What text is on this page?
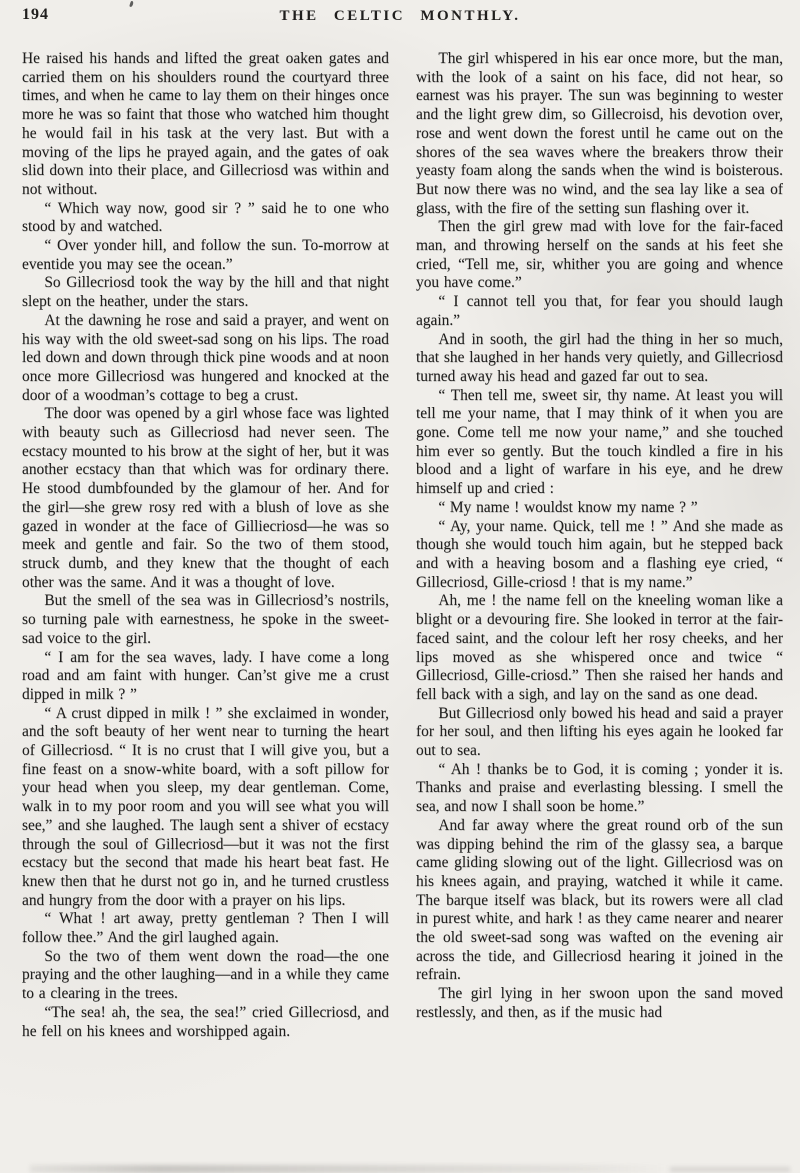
194	THE CELTIC MONTHLY.

He raised his hands and lifted the great oaken gates and carried them on his shoulders round the courtyard three times, and when he came to lay them on their hinges once more he was so faint that those who watched him thought he would fail in his task at the very last. But with a moving of the lips he prayed again, and the gates of oak slid down into their place, and Gillecriosd was within and not without.

“ Which way now, good sir ? ” said he to one who stood by and watched.

“ Over yonder hill, and follow the sun. To-morrow at eventide you may see the ocean.”

So Gillecriosd took the way by the hill and that night slept on the heather, under the stars.

At the dawning he rose and said a prayer, and went on his way with the old sweet-sad song on his lips. The road led down and down through thick pine woods and at noon once more Gillecriosd was hungered and knocked at the door of a woodman’s cottage to beg a crust.

The door was opened by a girl whose face was lighted with beauty such as Gillecriosd had never seen. The ecstacy mounted to his brow at the sight of her, but it was another ecstacy than that which was for ordinary there. He stood dumbfounded by the glamour of her. And for the girl—she grew rosy red with a blush of love as she gazed in wonder at the face of Gilliecriosd—he was so meek and gentle and fair. So the two of them stood, struck dumb, and they knew that the thought of each other was the same. And it was a thought of love.

But the smell of the sea was in Gillecriosd’s nostrils, so turning pale with earnestness, he spoke in the sweet-sad voice to the girl.

“ I am for the sea waves, lady. I have come a long road and am faint with hunger. Can’st give me a crust dipped in milk ? ”

“ A crust dipped in milk ! ” she exclaimed in wonder, and the soft beauty of her went near to turning the heart of Gillecriosd. “ It is no crust that I will give you, but a fine feast on a snow-white board, with a soft pillow for your head when you sleep, my dear gentleman. Come, walk in to my poor room and you will see what you will see,” and she laughed. The laugh sent a shiver of ecstacy through the soul of Gillecriosd—but it was not the first ecstacy but the second that made his heart beat fast. He knew then that he durst not go in, and he turned crustless and hungry from the door with a prayer on his lips.

“ What ! art away, pretty gentleman ? Then I will follow thee.” And the girl laughed again.

So the two of them went down the road—the one praying and the other laughing—and in a while they came to a clearing in the trees.

“The sea! ah, the sea, the sea!” cried Gillecriosd, and he fell on his knees and worshipped again.

The girl whispered in his ear once more, but the man, with the look of a saint on his face, did not hear, so earnest was his prayer. The sun was beginning to wester and the light grew dim, so Gillecroisd, his devotion over, rose and went down the forest until he came out on the shores of the sea waves where the breakers throw their yeasty foam along the sands when the wind is boisterous. But now there was no wind, and the sea lay like a sea of glass, with the fire of the setting sun flashing over it.

Then the girl grew mad with love for the fair-faced man, and throwing herself on the sands at his feet she cried, “Tell me, sir, whither you are going and whence you have come.”

“ I cannot tell you that, for fear you should laugh again.”

And in sooth, the girl had the thing in her so much, that she laughed in her hands very quietly, and Gillecriosd turned away his head and gazed far out to sea.

“ Then tell me, sweet sir, thy name. At least you will tell me your name, that I may think of it when you are gone. Come tell me now your name,” and she touched him ever so gently. But the touch kindled a fire in his blood and a light of warfare in his eye, and he drew himself up and cried :

“ My name ! wouldst know my name ? ”

“ Ay, your name. Quick, tell me ! ” And she made as though she would touch him again, but he stepped back and with a heaving bosom and a flashing eye cried, “ Gillecriosd, Gille-criosd ! that is my name.”

Ah, me ! the name fell on the kneeling woman like a blight or a devouring fire. She looked in terror at the fair-faced saint, and the colour left her rosy cheeks, and her lips moved as she whispered once and twice “ Gillecriosd, Gille-criosd.” Then she raised her hands and fell back with a sigh, and lay on the sand as one dead.

But Gillecriosd only bowed his head and said a prayer for her soul, and then lifting his eyes again he looked far out to sea.

“ Ah ! thanks be to God, it is coming ; yonder it is. Thanks and praise and everlasting blessing. I smell the sea, and now I shall soon be home.”

And far away where the great round orb of the sun was dipping behind the rim of the glassy sea, a barque came gliding slowing out of the light. Gillecriosd was on his knees again, and praying, watched it while it came. The barque itself was black, but its rowers were all clad in purest white, and hark ! as they came nearer and nearer the old sweet-sad song was wafted on the evening air across the tide, and Gillecriosd hearing it joined in the refrain.

The girl lying in her swoon upon the sand moved restlessly, and then, as if the music had
